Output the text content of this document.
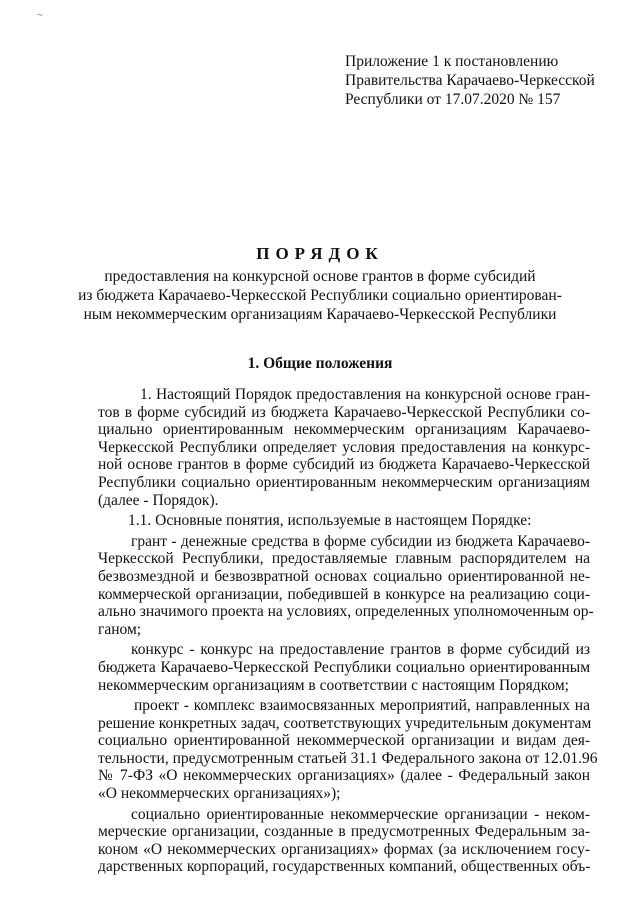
~
Приложение 1 к постановлению
Правительства Карачаево-Черкесской
Республики от 17.07.2020 № 157
ПОРЯДОК
предоставления на конкурсной основе грантов в форме субсидий
из бюджета Карачаево-Черкесской Республики социально ориентирован-
ным некоммерческим организациям Карачаево-Черкесской Республики
1. Общие положения
1. Настоящий Порядок предоставления на конкурсной основе гран-
тов в форме субсидий из бюджета Карачаево-Черкесской Республики со-
циально ориентированным некоммерческим организациям Карачаево-
Черкесской Республики определяет условия предоставления на конкурс-
ной основе грантов в форме субсидий из бюджета Карачаево-Черкесской
Республики социально ориентированным некоммерческим организациям
(далее - Порядок).
1.1. Основные понятия, используемые в настоящем Порядке:
грант - денежные средства в форме субсидии из бюджета Карачаево-
Черкесской Республики, предоставляемые главным распорядителем на
безвозмездной и безвозвратной основах социально ориентированной не-
коммерческой организации, победившей в конкурсе на реализацию соци-
ально значимого проекта на условиях, определенных уполномоченным ор-
ганом;
конкурс - конкурс на предоставление грантов в форме субсидий из
бюджета Карачаево-Черкесской Республики социально ориентированным
некоммерческим организациям в соответствии с настоящим Порядком;
проект - комплекс взаимосвязанных мероприятий, направленных на
решение конкретных задач, соответствующих учредительным документам
социально ориентированной некоммерческой организации и видам дея-
тельности, предусмотренным статьей 31.1 Федерального закона от 12.01.96
№ 7-ФЗ «О некоммерческих организациях» (далее - Федеральный закон
«О некоммерческих организациях»);
социально ориентированные некоммерческие организации - неком-
мерческие организации, созданные в предусмотренных Федеральным за-
коном «О некоммерческих организациях» формах (за исключением госу-
дарственных корпораций, государственных компаний, общественных объ-
